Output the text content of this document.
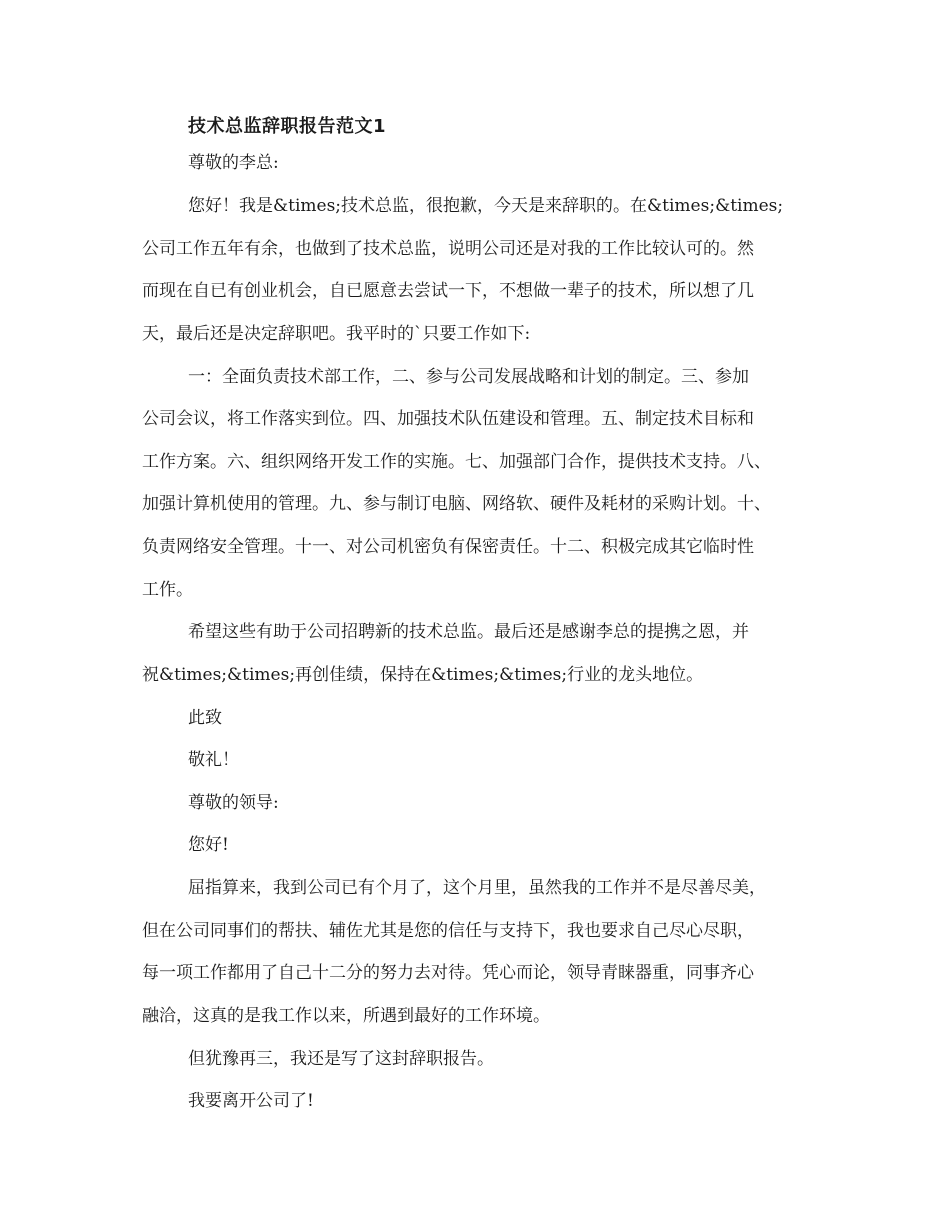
技术总监辞职报告范文1
尊敬的李总:
您好！我是&times;技术总监，很抱歉，今天是来辞职的。在&times;&times;
公司工作五年有余，也做到了技术总监，说明公司还是对我的工作比较认可的。然
而现在自已有创业机会，自已愿意去尝试一下，不想做一辈子的技术，所以想了几
天，最后还是决定辞职吧。我平时的`只要工作如下:
一：全面负责技术部工作，二、参与公司发展战略和计划的制定。三、参加
公司会议，将工作落实到位。四、加强技术队伍建设和管理。五、制定技术目标和
工作方案。六、组织网络开发工作的实施。七、加强部门合作，提供技术支持。八、
加强计算机使用的管理。九、参与制订电脑、网络软、硬件及耗材的采购计划。十、
负责网络安全管理。十一、对公司机密负有保密责任。十二、积极完成其它临时性
工作。
希望这些有助于公司招聘新的技术总监。最后还是感谢李总的提携之恩，并
祝&times;&times;再创佳绩，保持在&times;&times;行业的龙头地位。
此致
敬礼！
尊敬的领导:
您好!
屈指算来，我到公司已有个月了，这个月里，虽然我的工作并不是尽善尽美，
但在公司同事们的帮扶、辅佐尤其是您的信任与支持下，我也要求自己尽心尽职，
每一项工作都用了自己十二分的努力去对待。凭心而论，领导青睐器重，同事齐心
融洽，这真的是我工作以来，所遇到最好的工作环境。
但犹豫再三，我还是写了这封辞职报告。
我要离开公司了!
